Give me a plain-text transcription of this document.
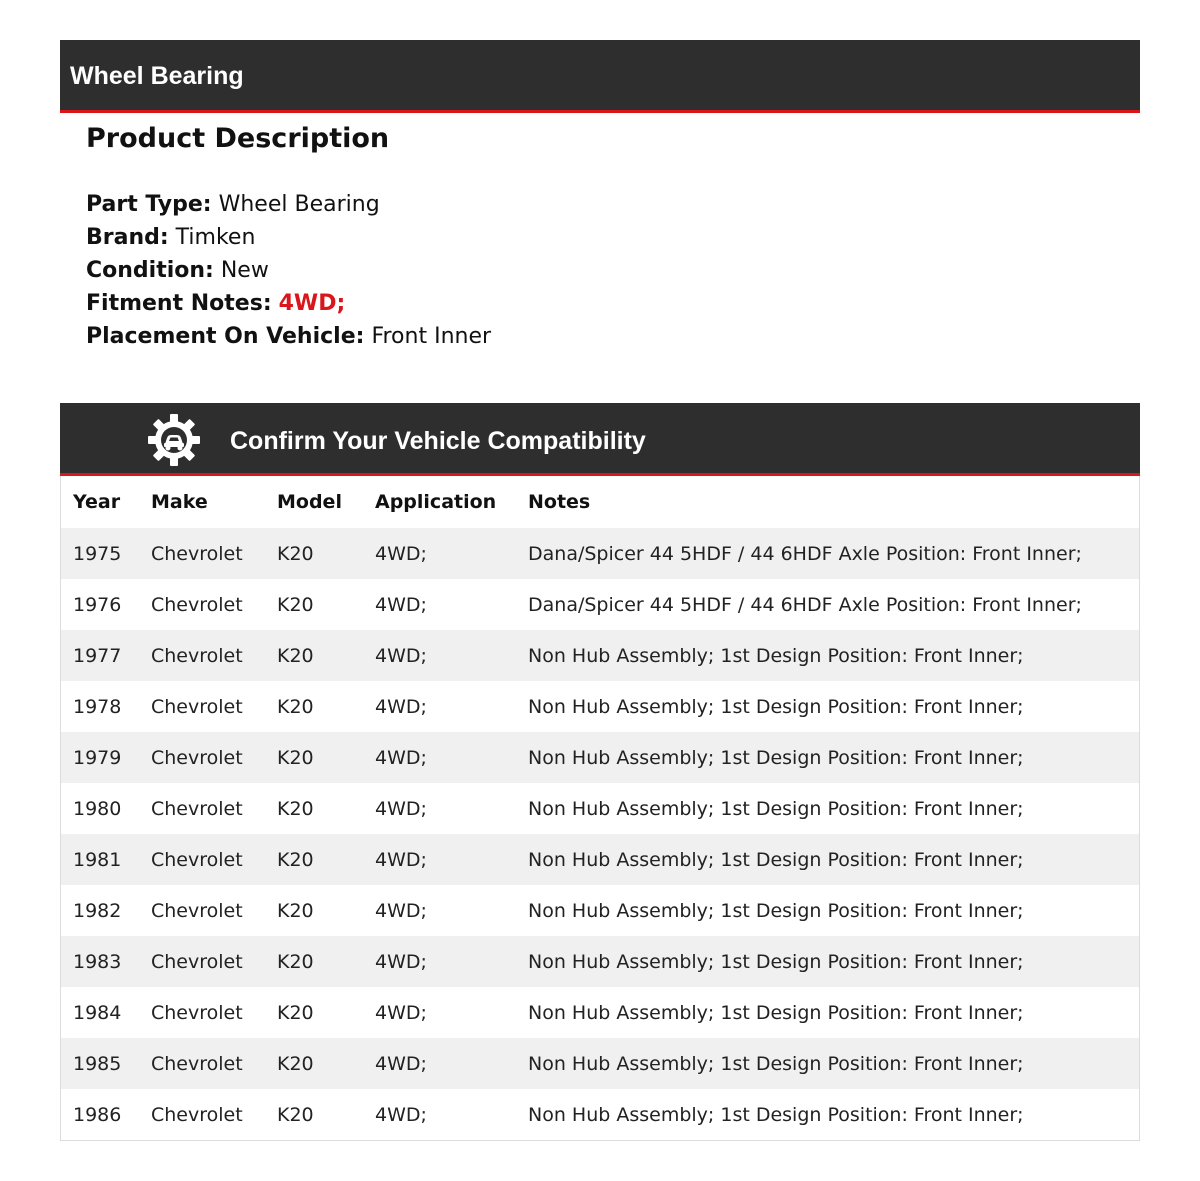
Wheel Bearing
Product Description
Part Type: Wheel Bearing
Brand: Timken
Condition: New
Fitment Notes: 4WD;
Placement On Vehicle: Front Inner
Confirm Your Vehicle Compatibility
Year	Make	Model	Application	Notes
1975	Chevrolet	K20	4WD;	Dana/Spicer 44 5HDF / 44 6HDF Axle Position: Front Inner;
1976	Chevrolet	K20	4WD;	Dana/Spicer 44 5HDF / 44 6HDF Axle Position: Front Inner;
1977	Chevrolet	K20	4WD;	Non Hub Assembly; 1st Design Position: Front Inner;
1978	Chevrolet	K20	4WD;	Non Hub Assembly; 1st Design Position: Front Inner;
1979	Chevrolet	K20	4WD;	Non Hub Assembly; 1st Design Position: Front Inner;
1980	Chevrolet	K20	4WD;	Non Hub Assembly; 1st Design Position: Front Inner;
1981	Chevrolet	K20	4WD;	Non Hub Assembly; 1st Design Position: Front Inner;
1982	Chevrolet	K20	4WD;	Non Hub Assembly; 1st Design Position: Front Inner;
1983	Chevrolet	K20	4WD;	Non Hub Assembly; 1st Design Position: Front Inner;
1984	Chevrolet	K20	4WD;	Non Hub Assembly; 1st Design Position: Front Inner;
1985	Chevrolet	K20	4WD;	Non Hub Assembly; 1st Design Position: Front Inner;
1986	Chevrolet	K20	4WD;	Non Hub Assembly; 1st Design Position: Front Inner;
